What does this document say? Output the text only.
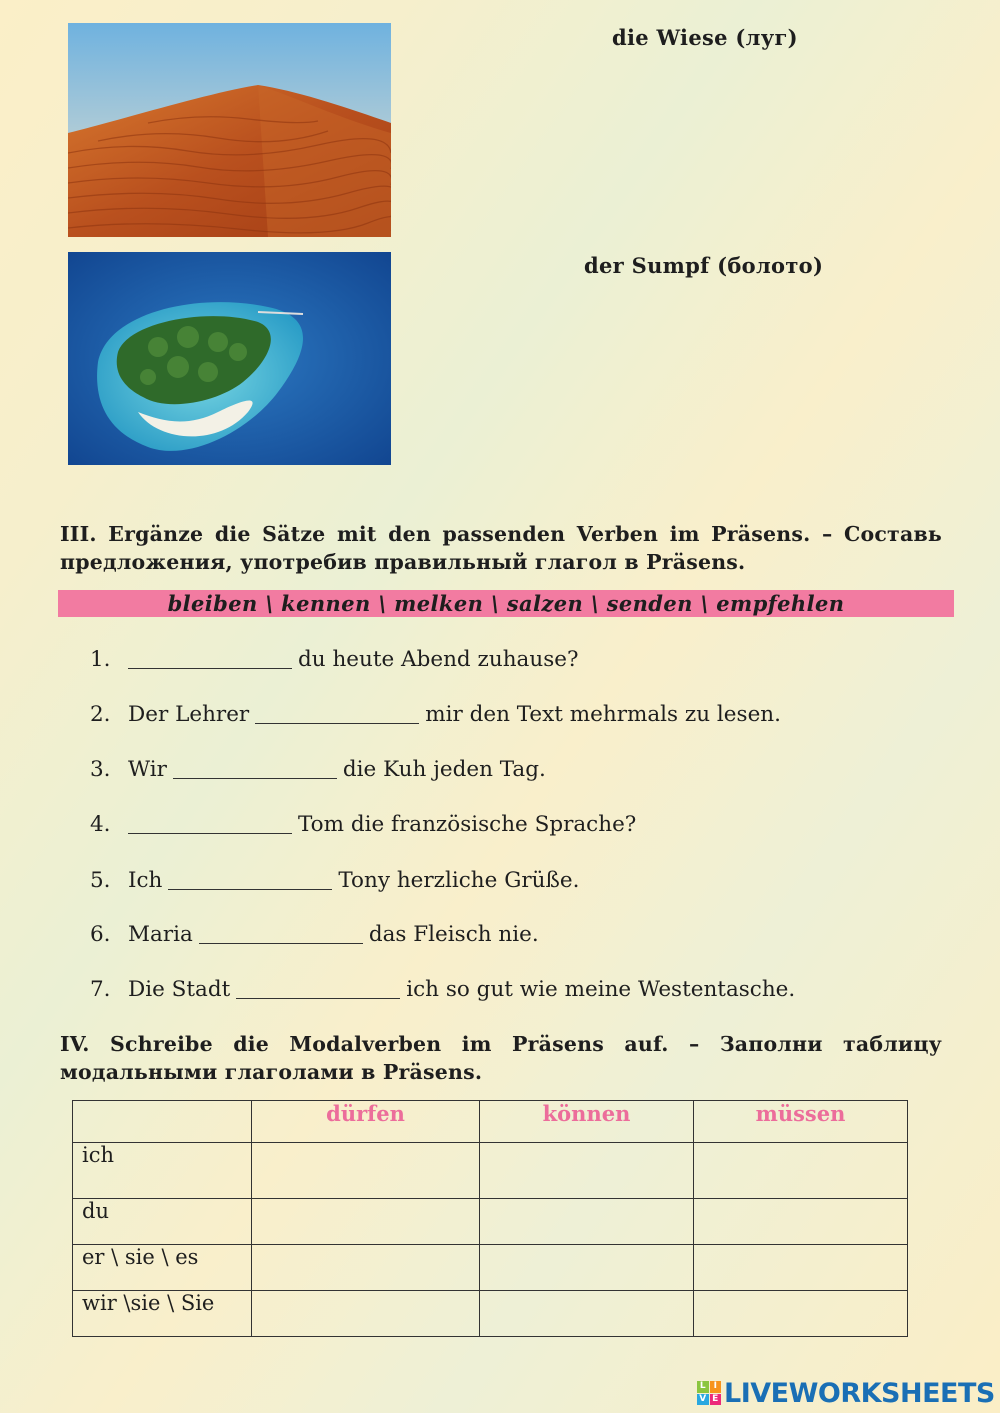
die Wiese (луг)
der Sumpf (болото)
III. Ergänze die Sätze mit den passenden Verben im Präsens. – Составь предложения, употребив правильный глагол в Präsens.
bleiben \ kennen \ melken \ salzen \ senden \ empfehlen
1.	du heute Abend zuhause?
2. Der Lehrer	mir den Text mehrmals zu lesen.
3. Wir	die Kuh jeden Tag.
4.	Tom die französische Sprache?
5. Ich	Tony herzliche Grüße.
6. Maria	das Fleisch nie.
7. Die Stadt	ich so gut wie meine Westentasche.
IV. Schreibe die Modalverben im Präsens auf. – Заполни таблицу
модальными глаголами в Präsens.
	dürfen	können	müssen
ich			
du			
er \ sie \ es			
wir \sie \ Sie			
L I
V E LIVEWORKSHEETS
